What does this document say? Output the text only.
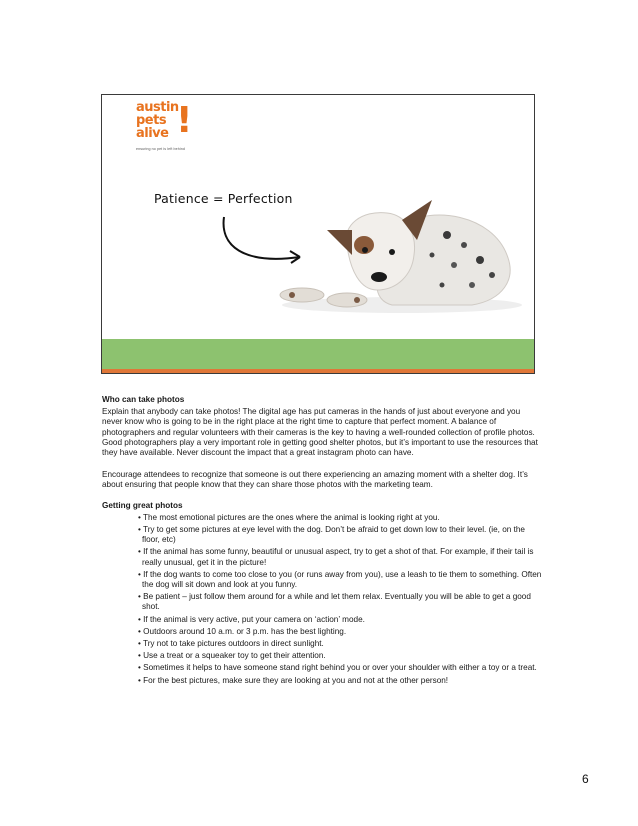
austin
pets
alive !
ensuring no pet is left behind
Patience = Perfection

Who can take photos

Explain that anybody can take photos! The digital age has put cameras in the hands of just about everyone and you never know who is going to be in the right place at the right time to capture that perfect moment. A balance of photographers and regular volunteers with their cameras is the key to having a well-rounded collection of profile photos. Good photographers play a very important role in getting good shelter photos, but it’s important to use the resources that they have available. Never discount the impact that a great instagram photo can have.

Encourage attendees to recognize that someone is out there experiencing an amazing moment with a shelter dog. It’s about ensuring that people know that they can share those photos with the marketing team.

Getting great photos

• The most emotional pictures are the ones where the animal is looking right at you.
• Try to get some pictures at eye level with the dog. Don’t be afraid to get down low to their level. (ie, on the floor, etc)
• If the animal has some funny, beautiful or unusual aspect, try to get a shot of that. For example, if their tail is really unusual, get it in the picture!
• If the dog wants to come too close to you (or runs away from you), use a leash to tie them to something. Often the dog will sit down and look at you funny.
• Be patient – just follow them around for a while and let them relax. Eventually you will be able to get a good shot.
• If the animal is very active, put your camera on ‘action’ mode.
• Outdoors around 10 a.m. or 3 p.m. has the best lighting.
• Try not to take pictures outdoors in direct sunlight.
• Use a treat or a squeaker toy to get their attention.
• Sometimes it helps to have someone stand right behind you or over your shoulder with either a toy or a treat.
• For the best pictures, make sure they are looking at you and not at the other person!
6
